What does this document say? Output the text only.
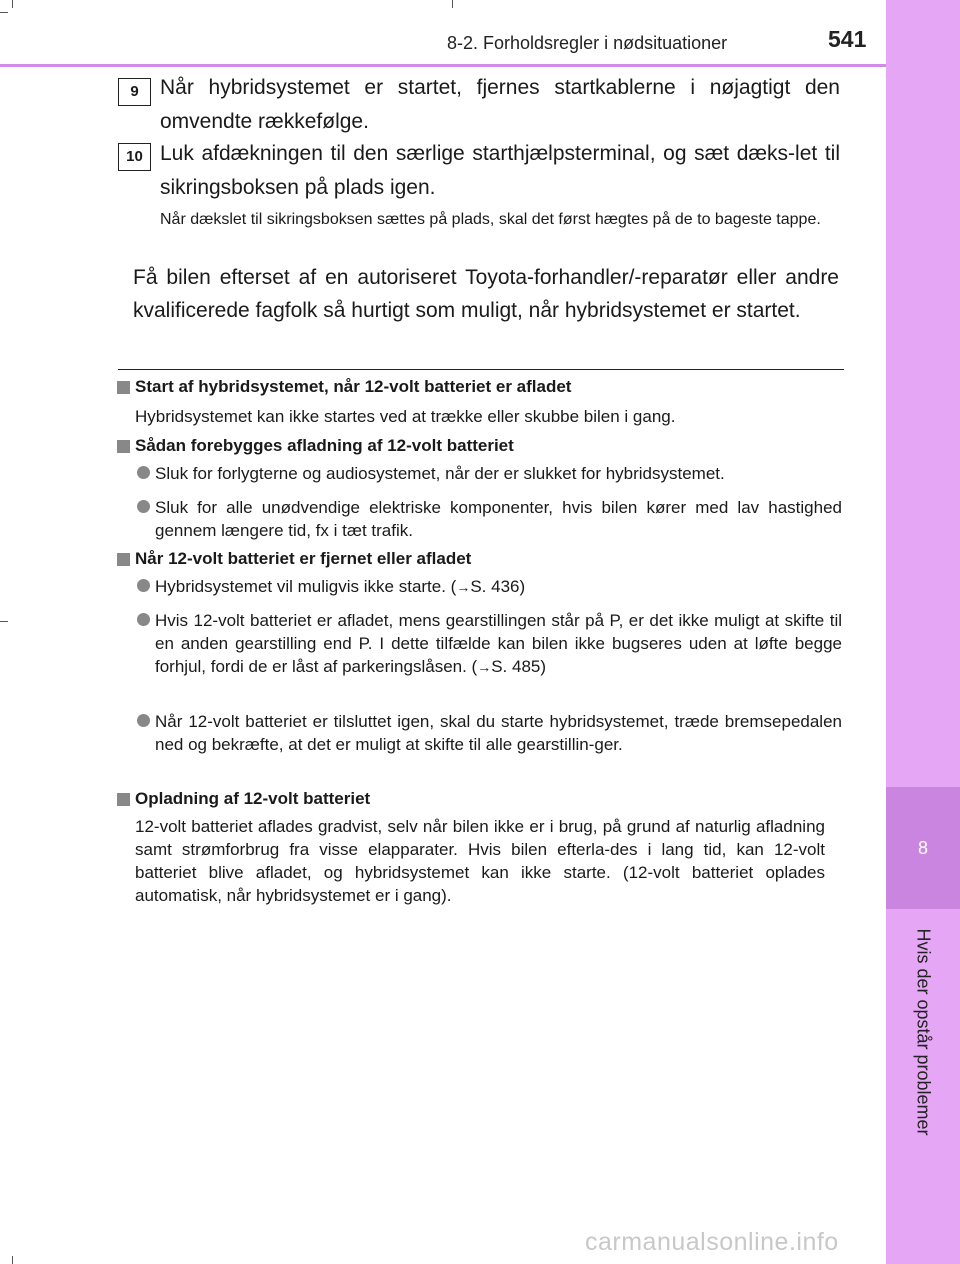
8-2. Forholdsregler i nødsituationer	541
8
Hvis der opstår problemer
9	Når hybridsystemet er startet, fjernes startkablerne i nøjagtigt den omvendte rækkefølge.

10 Luk afdækningen til den særlige starthjælpsterminal, og sæt dæks-let til sikringsboksen på plads igen.

Når dækslet til sikringsboksen sættes på plads, skal det først hægtes på de to bageste tappe.

Få bilen efterset af en autoriseret Toyota-forhandler/-reparatør eller andre kvalificerede fagfolk så hurtigt som muligt, når hybridsystemet er startet.

Start af hybridsystemet, når 12-volt batteriet er afladet

Hybridsystemet kan ikke startes ved at trække eller skubbe bilen i gang.

Sådan forebygges afladning af 12-volt batteriet

Sluk for forlygterne og audiosystemet, når der er slukket for hybridsystemet.

Sluk for alle unødvendige elektriske komponenter, hvis bilen kører med lav hastighed gennem længere tid, fx i tæt trafik.

Når 12-volt batteriet er fjernet eller afladet

Hybridsystemet vil muligvis ikke starte. (→S. 436)

Hvis 12-volt batteriet er afladet, mens gearstillingen står på P, er det ikke muligt at skifte til en anden gearstilling end P. I dette tilfælde kan bilen ikke bugseres uden at løfte begge forhjul, fordi de er låst af parkeringslåsen. (→S. 485)

Når 12-volt batteriet er tilsluttet igen, skal du starte hybridsystemet, træde bremsepedalen ned og bekræfte, at det er muligt at skifte til alle gearstillin-ger.

Opladning af 12-volt batteriet

12-volt batteriet aflades gradvist, selv når bilen ikke er i brug, på grund af naturlig afladning samt strømforbrug fra visse elapparater. Hvis bilen efterla-des i lang tid, kan 12-volt batteriet blive afladet, og hybridsystemet kan ikke starte. (12-volt batteriet oplades automatisk, når hybridsystemet er i gang).

carmanualsonline.info
